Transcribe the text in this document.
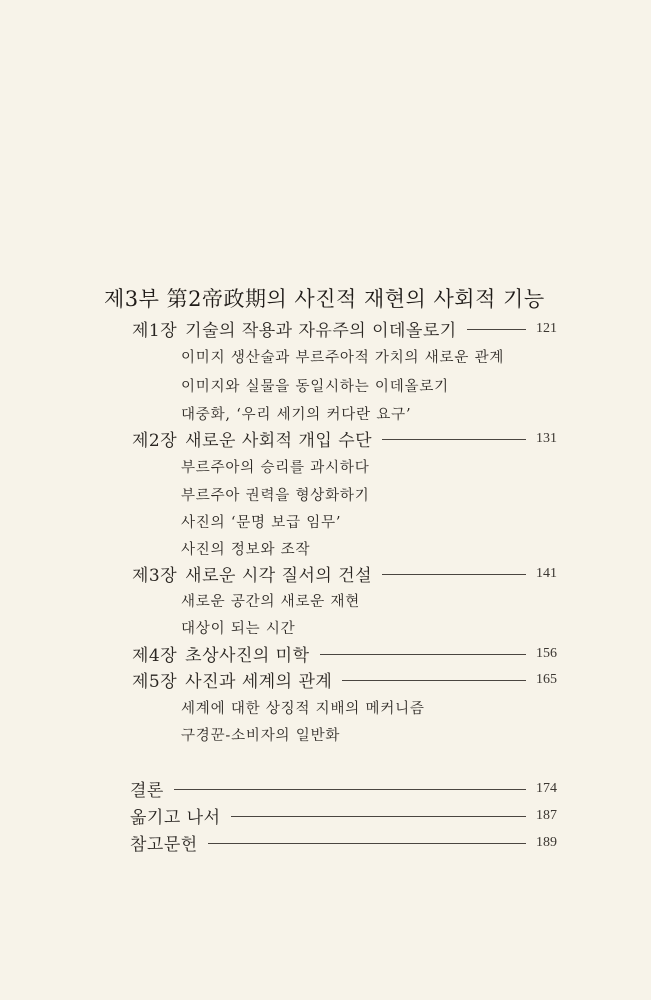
제3부 第2帝政期의 사진적 재현의 사회적 기능
제1장 기술의 작용과 자유주의 이데올로기	121
이미지 생산술과 부르주아적 가치의 새로운 관계
이미지와 실물을 동일시하는 이데올로기
대중화, ‘우리 세기의 커다란 요구’
제2장 새로운 사회적 개입 수단	131
부르주아의 승리를 과시하다
부르주아 권력을 형상화하기
사진의 ‘문명 보급 임무’
사진의 정보와 조작
제3장 새로운 시각 질서의 건설	141
새로운 공간의 새로운 재현
대상이 되는 시간
제4장 초상사진의 미학	156
제5장 사진과 세계의 관계	165
세계에 대한 상징적 지배의 메커니즘
구경꾼-소비자의 일반화
결론	174
옮기고 나서	187
참고문헌	189
